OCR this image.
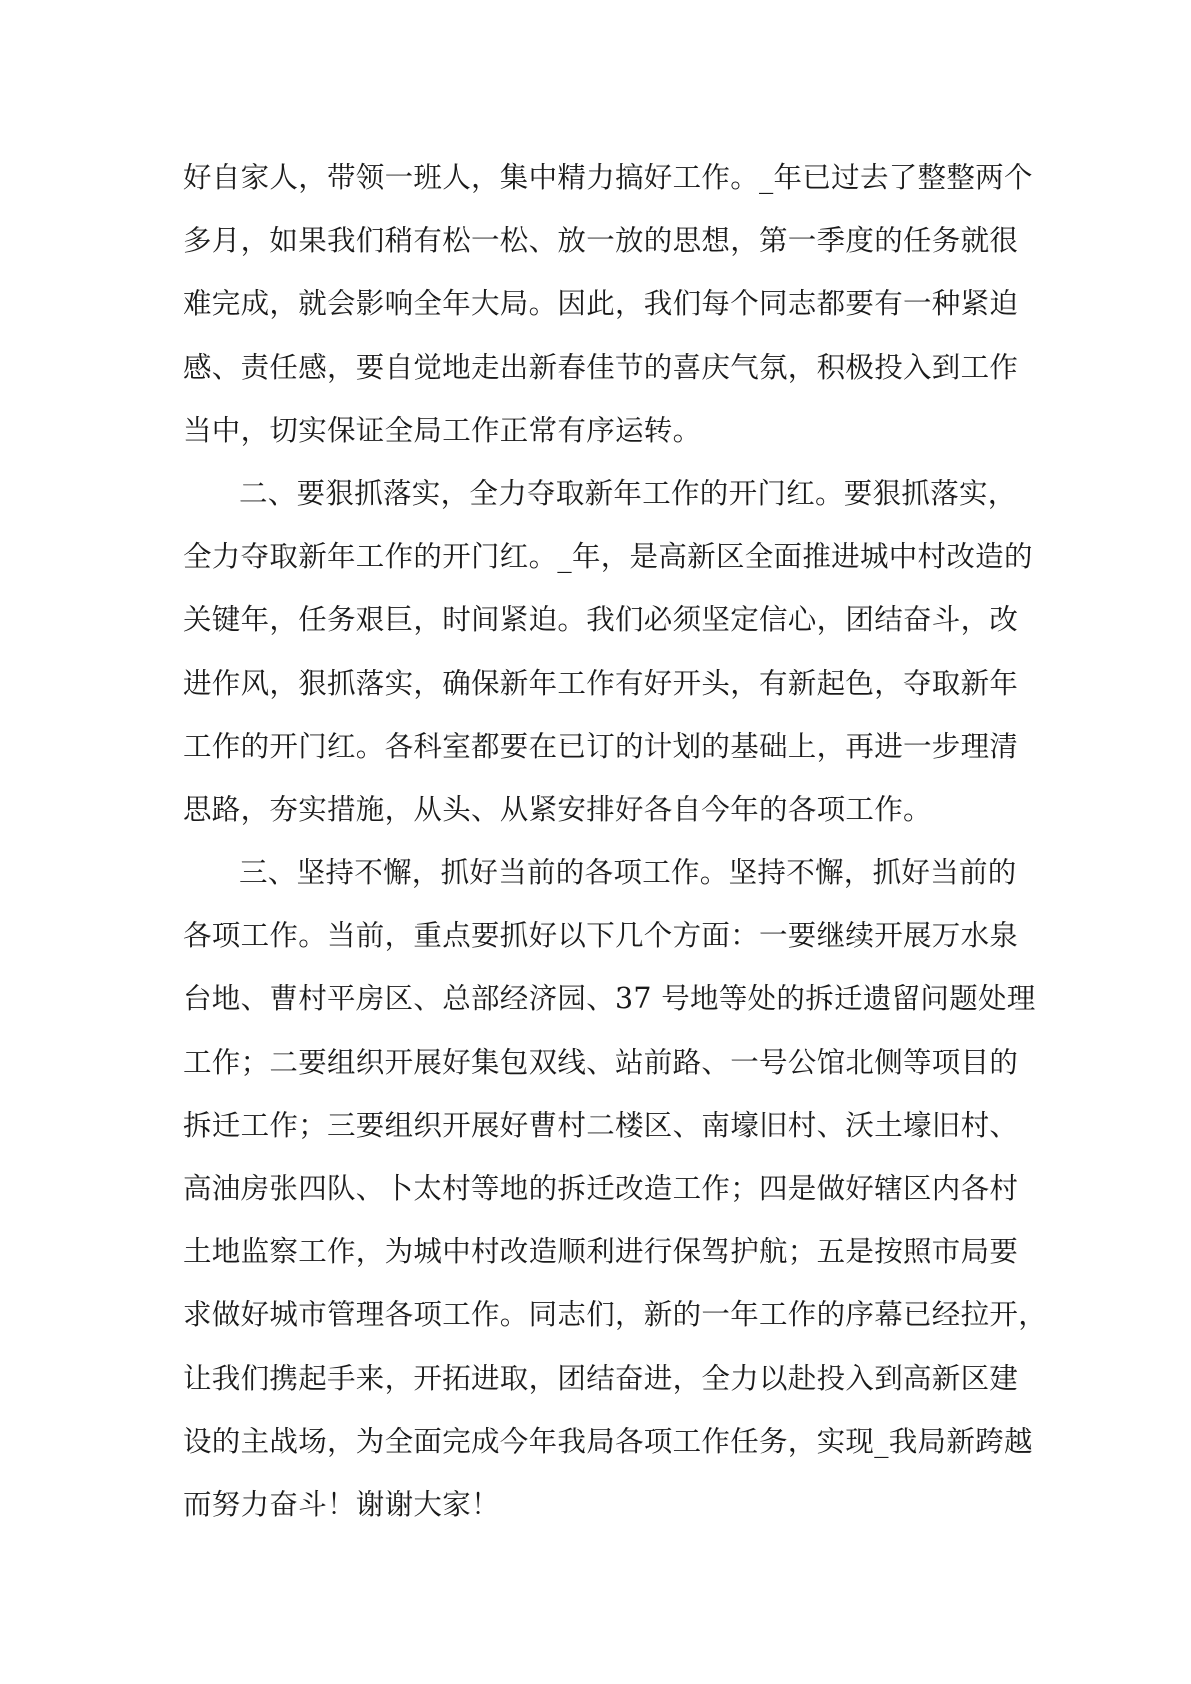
好自家人，带领一班人，集中精力搞好工作。_年已过去了整整两个
多月，如果我们稍有松一松、放一放的思想，第一季度的任务就很
难完成，就会影响全年大局。因此，我们每个同志都要有一种紧迫
感、责任感，要自觉地走出新春佳节的喜庆气氛，积极投入到工作
当中，切实保证全局工作正常有序运转。
二、要狠抓落实，全力夺取新年工作的开门红。要狠抓落实，
全力夺取新年工作的开门红。_年，是高新区全面推进城中村改造的
关键年，任务艰巨，时间紧迫。我们必须坚定信心，团结奋斗，改
进作风，狠抓落实，确保新年工作有好开头，有新起色，夺取新年
工作的开门红。各科室都要在已订的计划的基础上，再进一步理清
思路，夯实措施，从头、从紧安排好各自今年的各项工作。
三、坚持不懈，抓好当前的各项工作。坚持不懈，抓好当前的
各项工作。当前，重点要抓好以下几个方面：一要继续开展万水泉
台地、曹村平房区、总部经济园、37 号地等处的拆迁遗留问题处理
工作；二要组织开展好集包双线、站前路、一号公馆北侧等项目的
拆迁工作；三要组织开展好曹村二楼区、南壕旧村、沃土壕旧村、
高油房张四队、卜太村等地的拆迁改造工作；四是做好辖区内各村
土地监察工作，为城中村改造顺利进行保驾护航；五是按照市局要
求做好城市管理各项工作。同志们，新的一年工作的序幕已经拉开，
让我们携起手来，开拓进取，团结奋进，全力以赴投入到高新区建
设的主战场，为全面完成今年我局各项工作任务，实现_我局新跨越
而努力奋斗！谢谢大家！
